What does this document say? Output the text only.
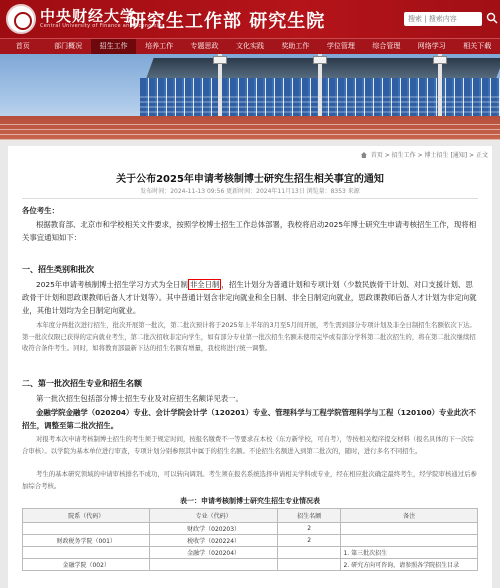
中央财经大学
Central University of Finance and Economics
研究生工作部 研究生院	搜索 | 搜索内容
首页	部门概况	招生工作	培养工作	专题思政	文化实践	奖助工作	学位管理	综合管理	网络学习	相关下载
首页 > 招生工作 > 博士招生 [通知] > 正文
关于公布2025年申请考核制博士研究生招生相关事宜的通知
发布时间：2024-11-13 09:56 更新时间：2024年11月13日 浏览量：8353 来源
各位考生：
根据教育部、北京市和学校相关文件要求，按照学校博士招生工作总体部署，我校将启动2025年博士研究生申请考核招生工作，现将相关事宜通知如下：
一、招生类别和批次
2025年申请考核制博士招生学习方式为全日制 非全日制 ，招生计划分为普通计划和专项计划（少数民族骨干计划、对口支援计划、思政骨干计划和思政课教师后备人才计划等）。其中普通计划含非定向就业和全日制、非全日制定向就业，思政课教师后备人才计划为非定向就业，其他计划均为全日制定向就业。
本年度分两批次进行招生，批次开展第一批次，第二批次预计将于2025年上半年的3月至5月间开展，考生需到部分专项计划及非全日制招生名额依次下达。第一批次仅限已获得的定向就业考生，第二批次招收非定向学生，如有部分专业第一批次招生名额未使用完毕或有部分学科第二批次招生的，将在第二批次继续招收符合条件考生。同时，如将教育部最新下达的招生名额有增量，我校将进行统一调整。
二、第一批次招生专业和招生名额
第一批次招生包括部分博士招生专业及对应招生名额详见表一。
金融学院金融学（020204）专业、会计学院会计学（120201）专业、管理科学与工程学院管理科学与工程（120100）专业此次不招生，调整至第二批次招生。
对报考本次申请考核制博士招生的考生须于规定时间，按报名缴费不一等要求在本校（东方新学校，可自考），等按相关程序提交材料（报名具体的下一次综合审核）。以学院为基本单位进行审查，专项计划分别参照其中属于的招生名额。不论招生名额进入到第二批次的，随时，进行多名不同招生。
考生的基本研究领域的申请审核排名不成功，可以转向调剂。考生须在报名系统选择申请相关学科或专业，经在相应批次确定最终考生，经学院审核通过后参加综合考核。
表一：申请考核制博士研究生招生专业情况表
院系（代码）	专业（代码）	招生名额	备注
	财政学（020203）	2	
财政税务学院（001）	税收学（020224）	2	
	金融学（020204）		1. 第三批次招生
金融学院（002）			2. 研究方向可咨询，请参照各学院招生目录
